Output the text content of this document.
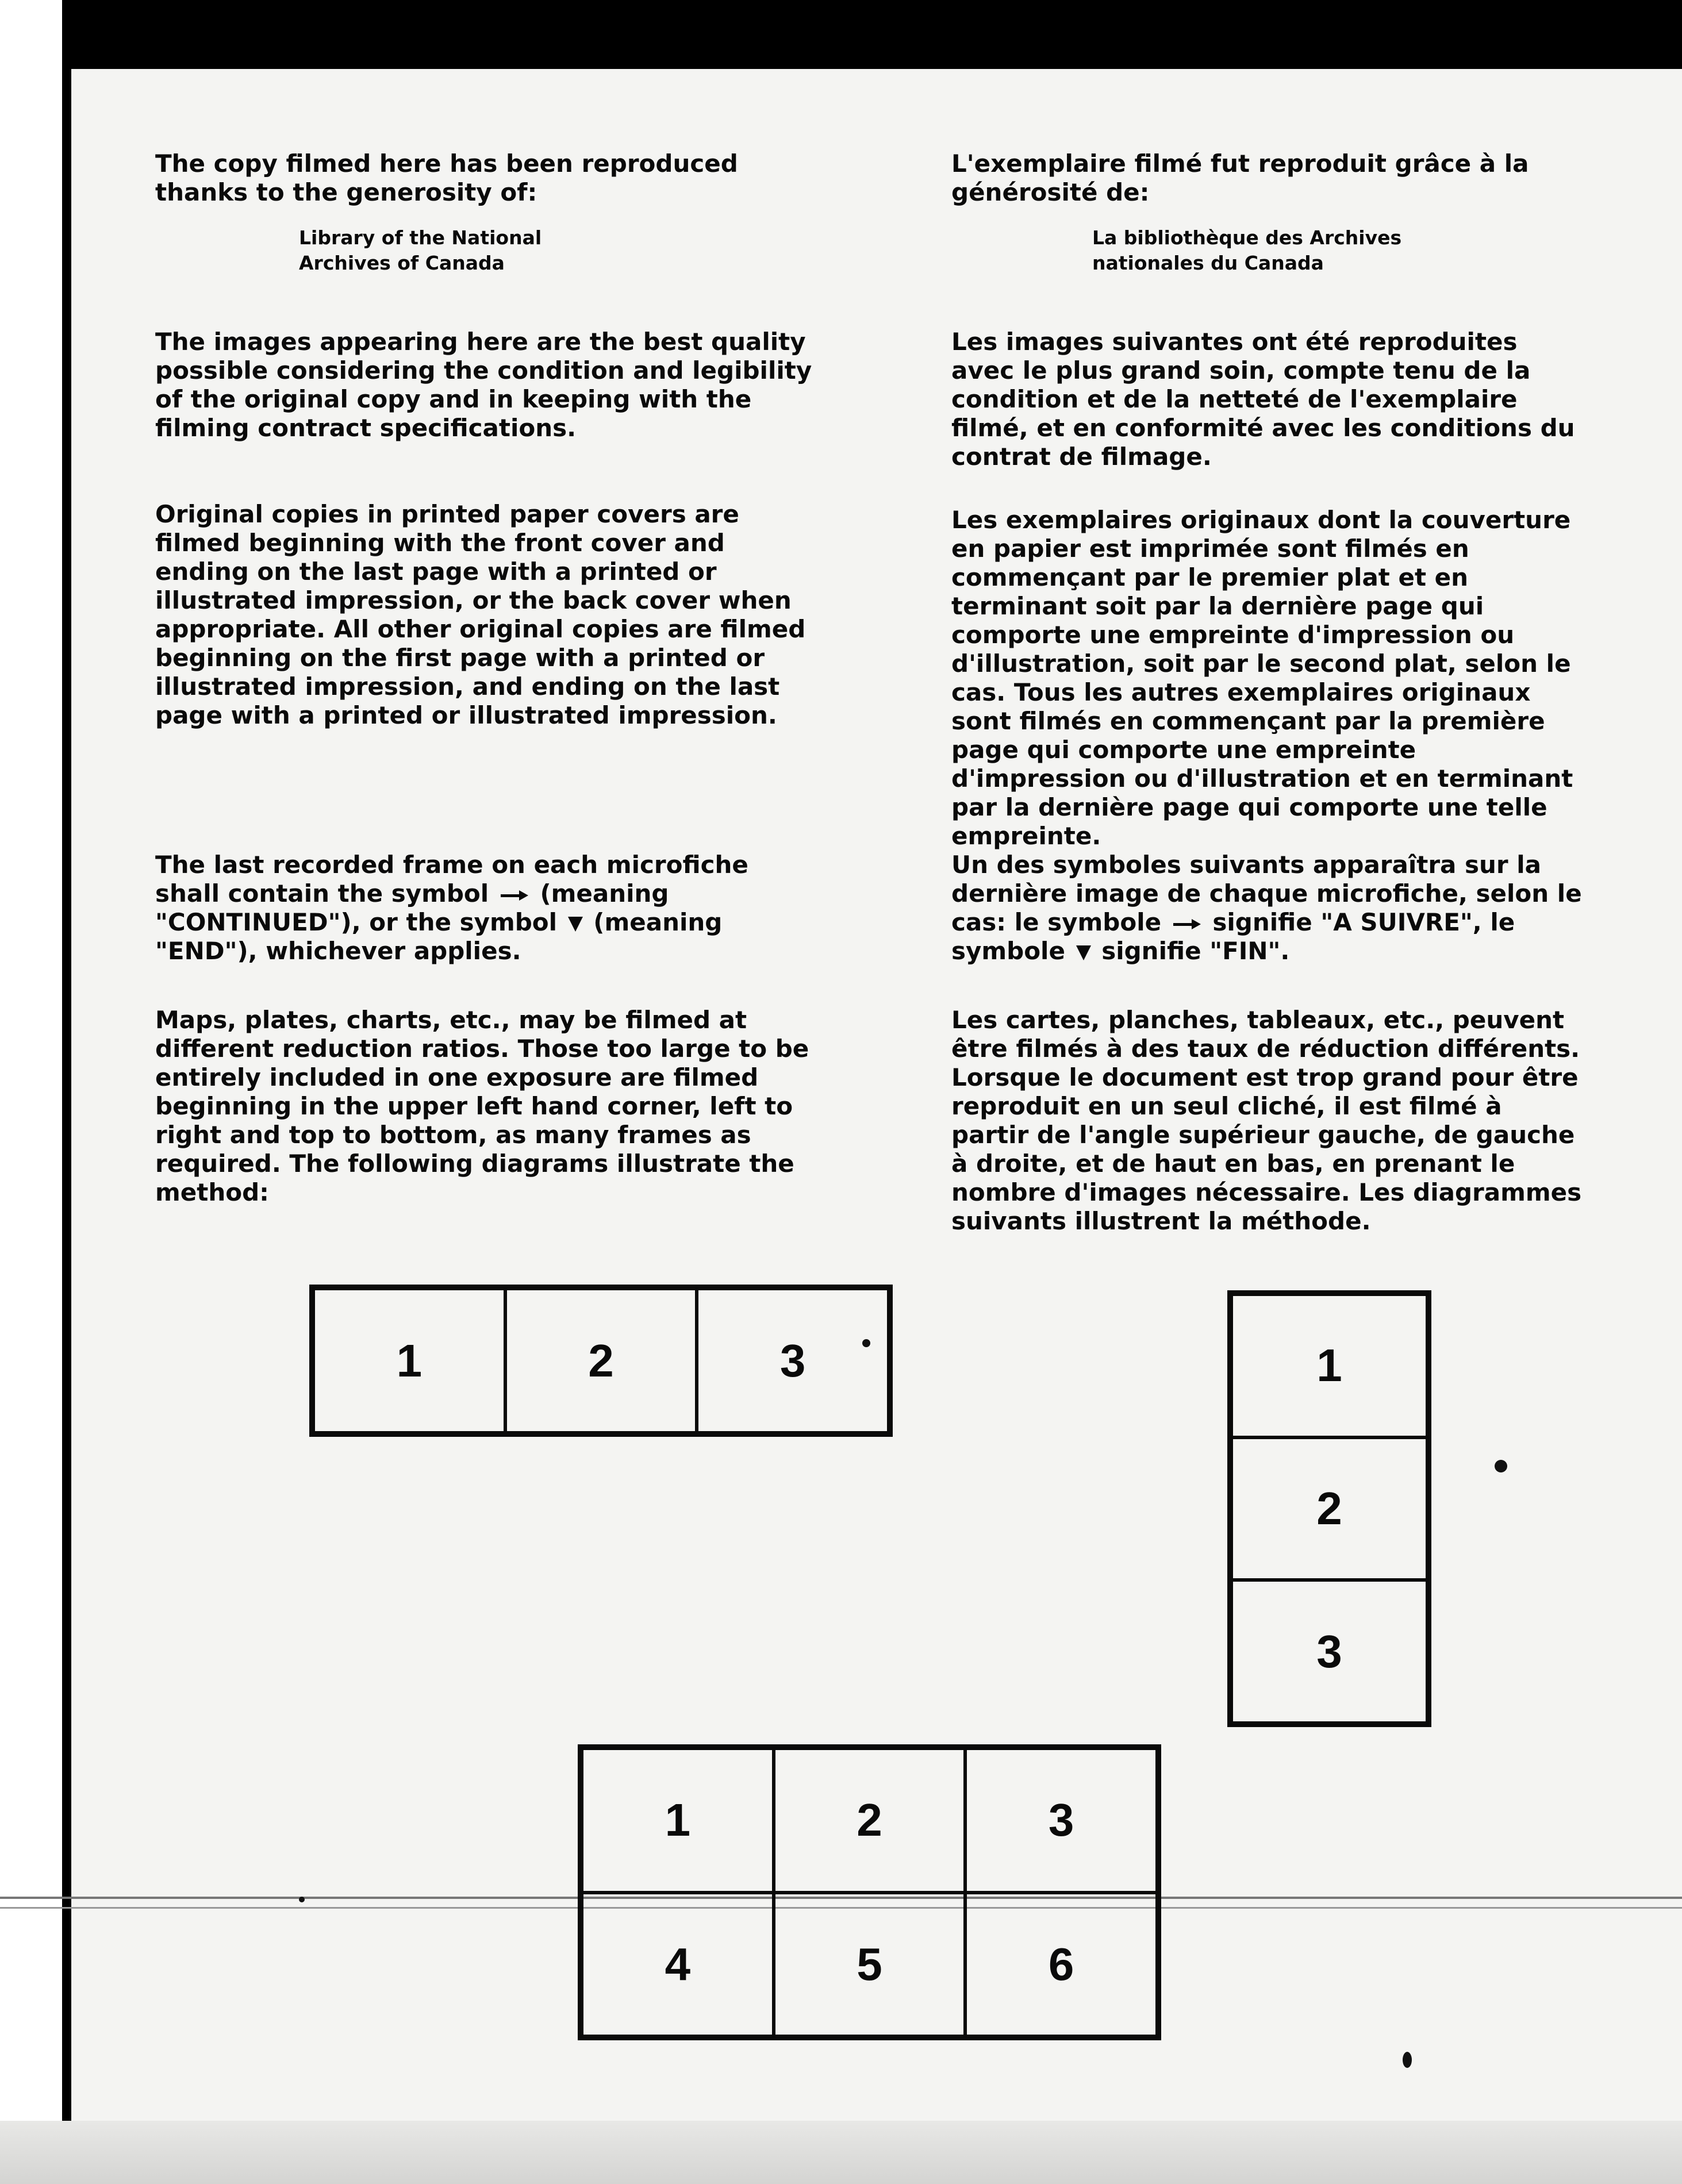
The copy filmed here has been reproduced thanks to the generosity of:

The images appearing here are the best quality possible considering the condition and legibility of the original copy and in keeping with the filming contract specifications.

Original copies in printed paper covers are filmed beginning with the front cover and ending on the last page with a printed or illustrated impression, or the back cover when appropriate. All other original copies are filmed beginning on the first page with a printed or illustrated impression, and ending on the last page with a printed or illustrated impression.

The last recorded frame on each microfiche shall contain the symbol (meaning "CONTINUED"), or the symbol (meaning "END"), whichever applies.

Maps, plates, charts, etc., may be filmed at different reduction ratios. Those too large to be entirely included in one exposure are filmed beginning in the upper left hand corner, left to right and top to bottom, as many frames as required. The following diagrams illustrate the method:

Library of the National
Archives of Canada

L'exemplaire filmé fut reproduit grâce à la générosité de:

Les images suivantes ont été reproduites avec le plus grand soin, compte tenu de la condition et de la netteté de l'exemplaire filmé, et en conformité avec les conditions du contrat de filmage.

Les exemplaires originaux dont la couverture en papier est imprimée sont filmés en commençant par le premier plat et en terminant soit par la dernière page qui comporte une empreinte d'impression ou d'illustration, soit par le second plat, selon le cas. Tous les autres exemplaires originaux sont filmés en commençant par la première page qui comporte une empreinte d'impression ou d'illustration et en terminant par la dernière page qui comporte une telle empreinte.

Un des symboles suivants apparaîtra sur la dernière image de chaque microfiche, selon le cas: le symbole signifie "A SUIVRE", le symbole signifie "FIN".

Les cartes, planches, tableaux, etc., peuvent être filmés à des taux de réduction différents. Lorsque le document est trop grand pour être reproduit en un seul cliché, il est filmé à partir de l'angle supérieur gauche, de gauche à droite, et de haut en bas, en prenant le nombre d'images nécessaire. Les diagrammes suivants illustrent la méthode.

La bibliothèque des Archives
nationales du Canada
1	2	3	1
2
3
1	2	3
4	5	6
